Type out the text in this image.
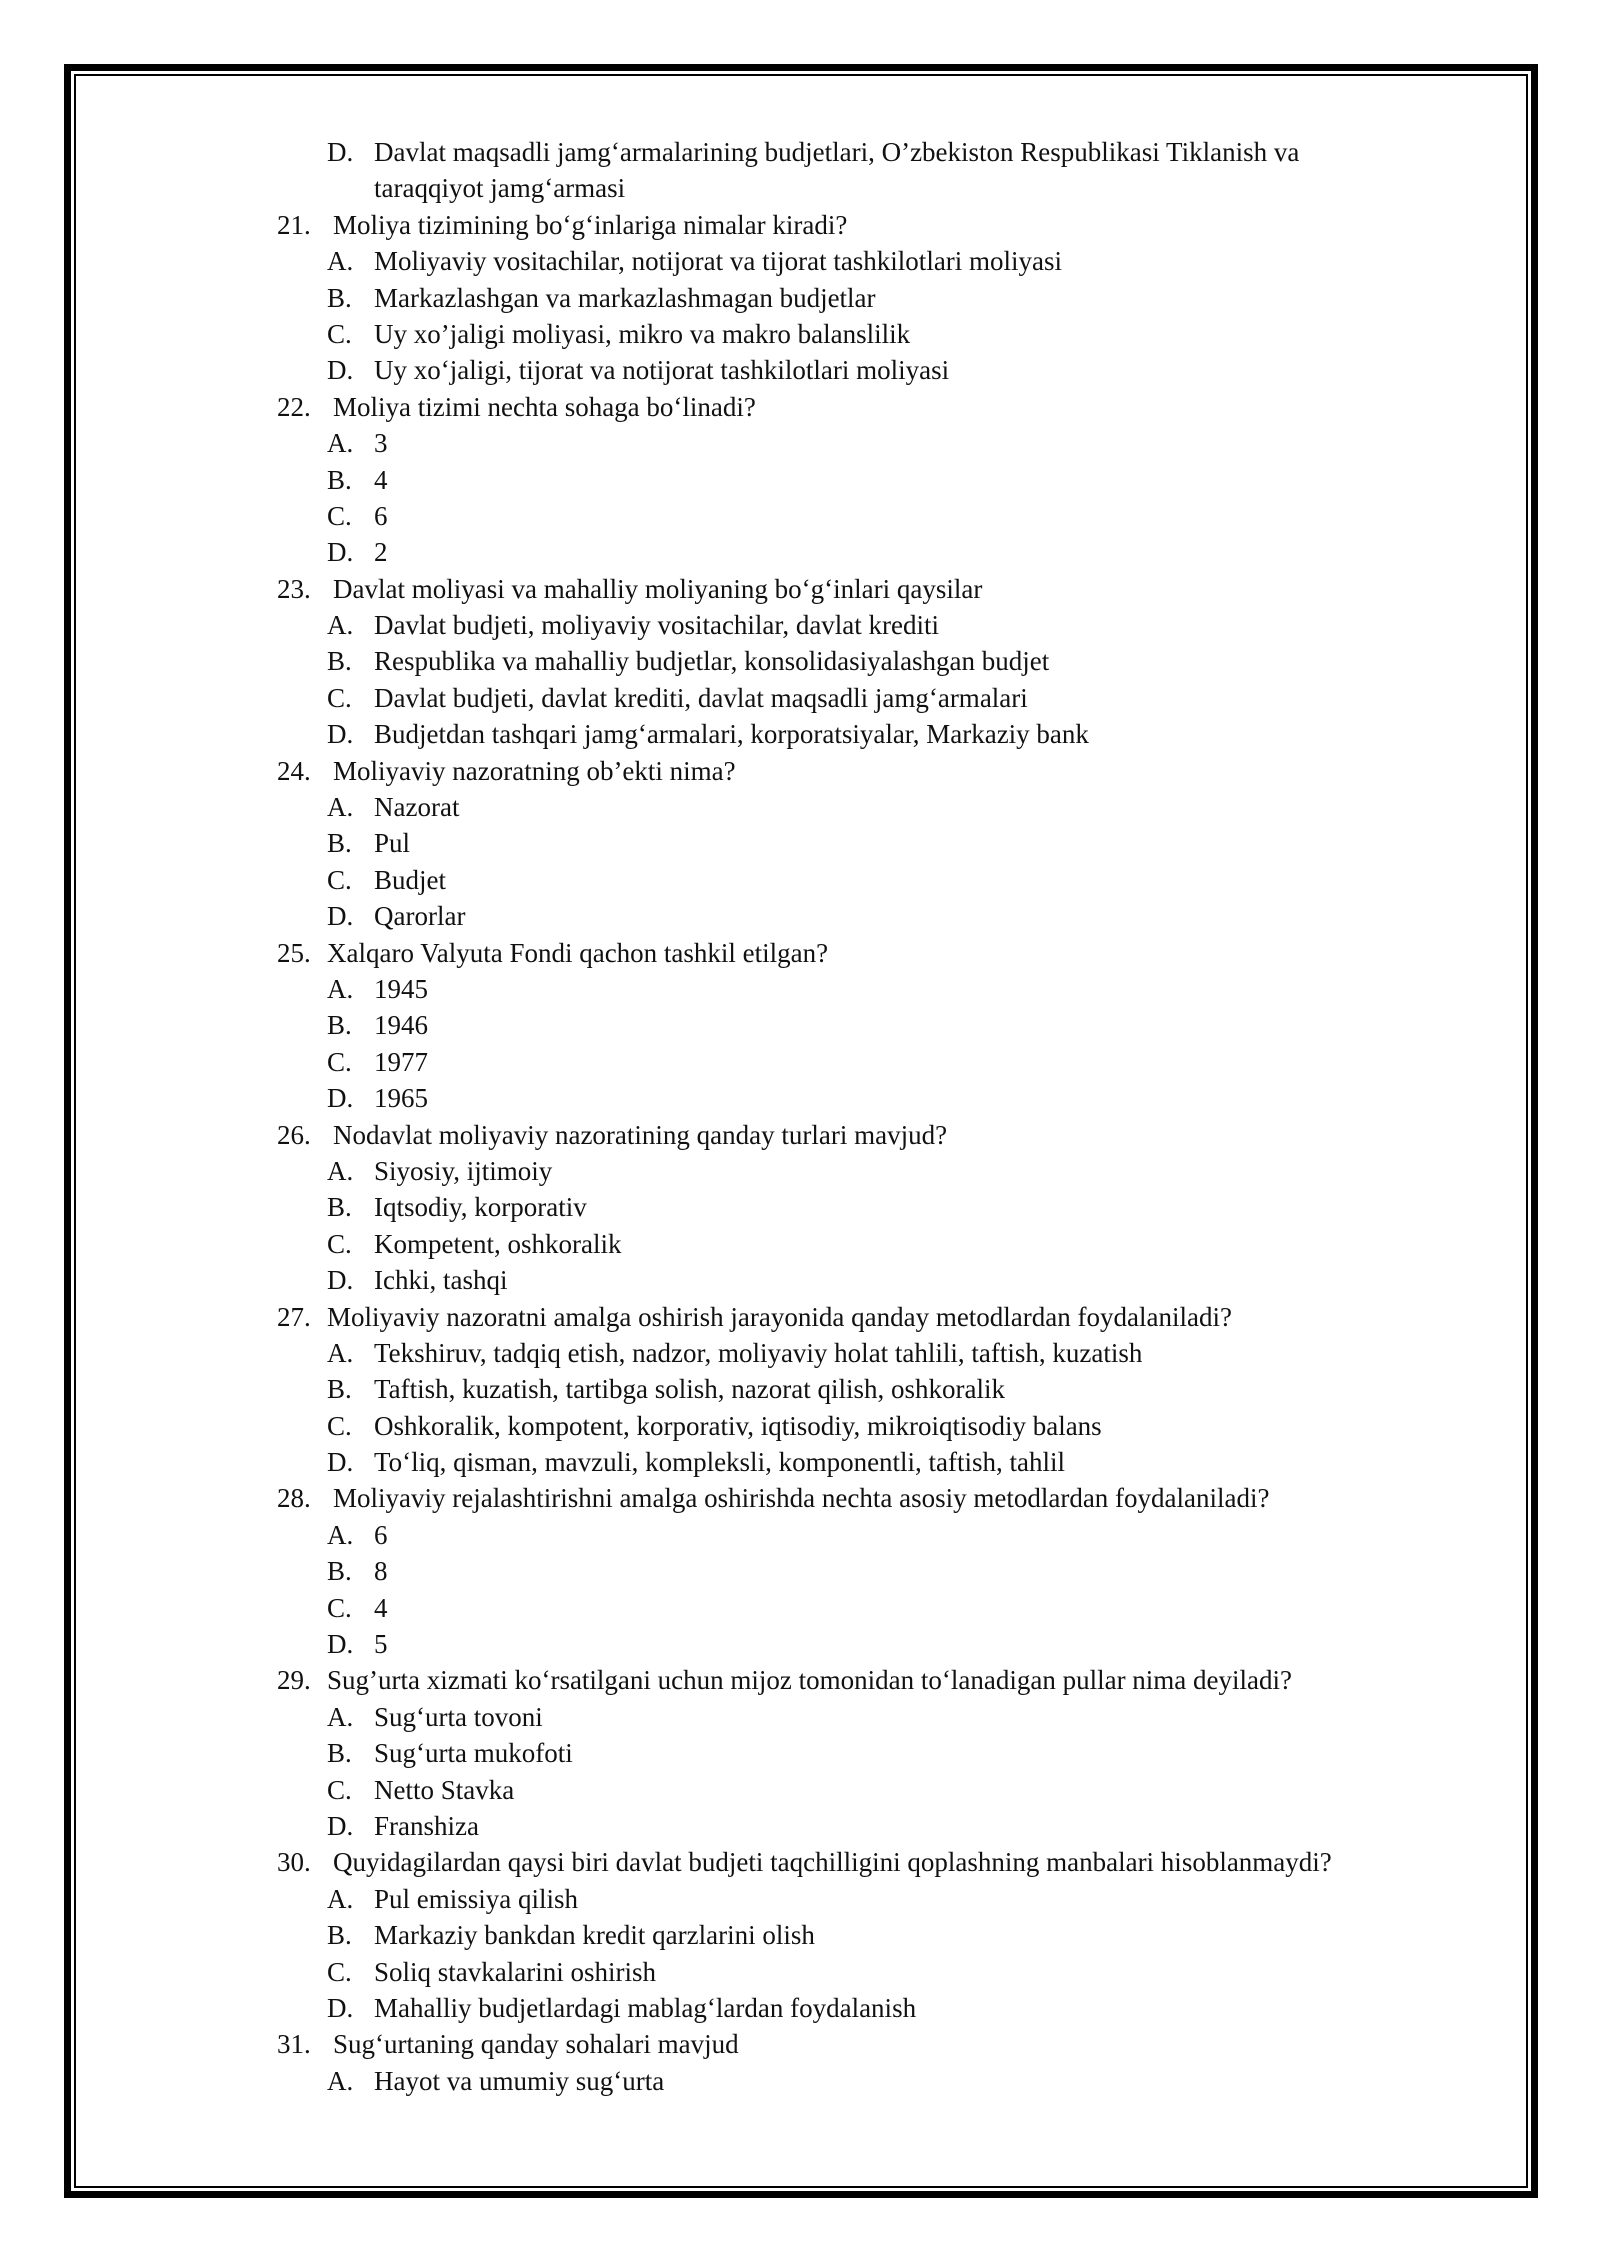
D. Davlat maqsadli jamg‘armalarining budjetlari, O’zbekiston Respublikasi Tiklanish va
taraqqiyot jamg‘armasi
21. Moliya tizimining bo‘g‘inlariga nimalar kiradi?
A. Moliyaviy vositachilar, notijorat va tijorat tashkilotlari moliyasi
B. Markazlashgan va markazlashmagan budjetlar
C. Uy xo’jaligi moliyasi, mikro va makro balanslilik
D. Uy xo‘jaligi, tijorat va notijorat tashkilotlari moliyasi
22. Moliya tizimi nechta sohaga bo‘linadi?
A. 3
B. 4
C. 6
D. 2
23. Davlat moliyasi va mahalliy moliyaning bo‘g‘inlari qaysilar
A. Davlat budjeti, moliyaviy vositachilar, davlat krediti
B. Respublika va mahalliy budjetlar, konsolidasiyalashgan budjet
C. Davlat budjeti, davlat krediti, davlat maqsadli jamg‘armalari
D. Budjetdan tashqari jamg‘armalari, korporatsiyalar, Markaziy bank
24. Moliyaviy nazoratning ob’ekti nima?
A. Nazorat
B. Pul
C. Budjet
D. Qarorlar
25. Xalqaro Valyuta Fondi qachon tashkil etilgan?
A. 1945
B. 1946
C. 1977
D. 1965
26. Nodavlat moliyaviy nazoratining qanday turlari mavjud?
A. Siyosiy, ijtimoiy
B. Iqtsodiy, korporativ
C. Kompetent, oshkoralik
D. Ichki, tashqi
27. Moliyaviy nazoratni amalga oshirish jarayonida qanday metodlardan foydalaniladi?
A. Tekshiruv, tadqiq etish, nadzor, moliyaviy holat tahlili, taftish, kuzatish
B. Taftish, kuzatish, tartibga solish, nazorat qilish, oshkoralik
C. Oshkoralik, kompotent, korporativ, iqtisodiy, mikroiqtisodiy balans
D. To‘liq, qisman, mavzuli, kompleksli, komponentli, taftish, tahlil
28. Moliyaviy rejalashtirishni amalga oshirishda nechta asosiy metodlardan foydalaniladi?
A. 6
B. 8
C. 4
D. 5
29. Sug’urta xizmati ko‘rsatilgani uchun mijoz tomonidan to‘lanadigan pullar nima deyiladi?
A. Sug‘urta tovoni
B. Sug‘urta mukofoti
C. Netto Stavka
D. Franshiza
30. Quyidagilardan qaysi biri davlat budjeti taqchilligini qoplashning manbalari hisoblanmaydi?
A. Pul emissiya qilish
B. Markaziy bankdan kredit qarzlarini olish
C. Soliq stavkalarini oshirish
D. Mahalliy budjetlardagi mablag‘lardan foydalanish
31. Sug‘urtaning qanday sohalari mavjud
A. Hayot va umumiy sug‘urta
